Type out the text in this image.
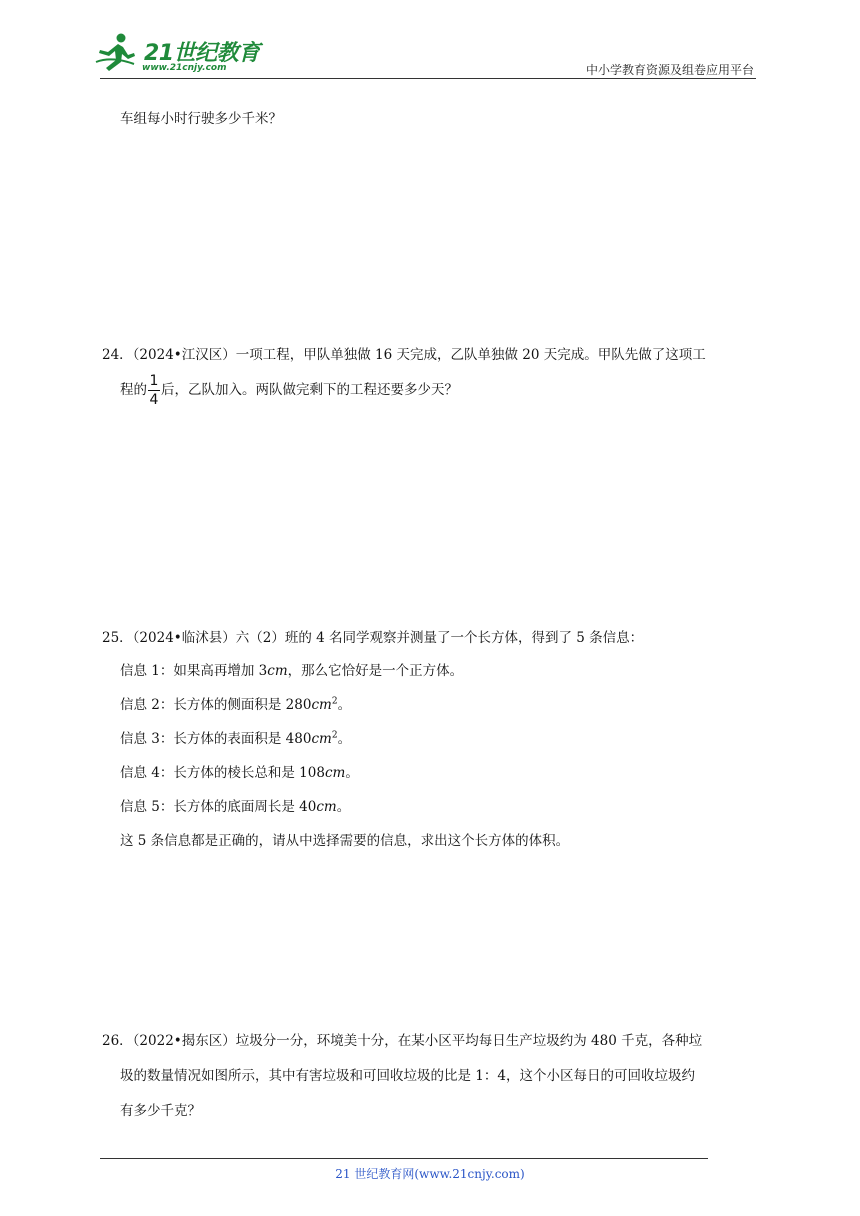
21世纪教育
www.21cnjy.com	中小学教育资源及组卷应用平台
车组每小时行驶多少千米？
24．（2024•江汉区）一项工程，甲队单独做 16 天完成，乙队单独做 20 天完成。甲队先做了这项工
程的 $\frac{1}{4}$ 后，乙队加入。两队做完剩下的工程还要多少天？
25．（2024•临沭县）六（2）班的 4 名同学观察并测量了一个长方体，得到了 5 条信息：
信息 1：如果高再增加 3cm，那么它恰好是一个正方体。
信息 2：长方体的侧面积是 $280cm^2$。
信息 3：长方体的表面积是 $480cm^2$。
信息 4：长方体的棱长总和是 108cm。
信息 5：长方体的底面周长是 40cm。
这 5 条信息都是正确的，请从中选择需要的信息，求出这个长方体的体积。
26．（2022•揭东区）垃圾分一分，环境美十分，在某小区平均每日生产垃圾约为 480 千克，各种垃
圾的数量情况如图所示，其中有害垃圾和可回收垃圾的比是 1：4，这个小区每日的可回收垃圾约
有多少千克？
21 世纪教育网(www.21cnjy.com)
